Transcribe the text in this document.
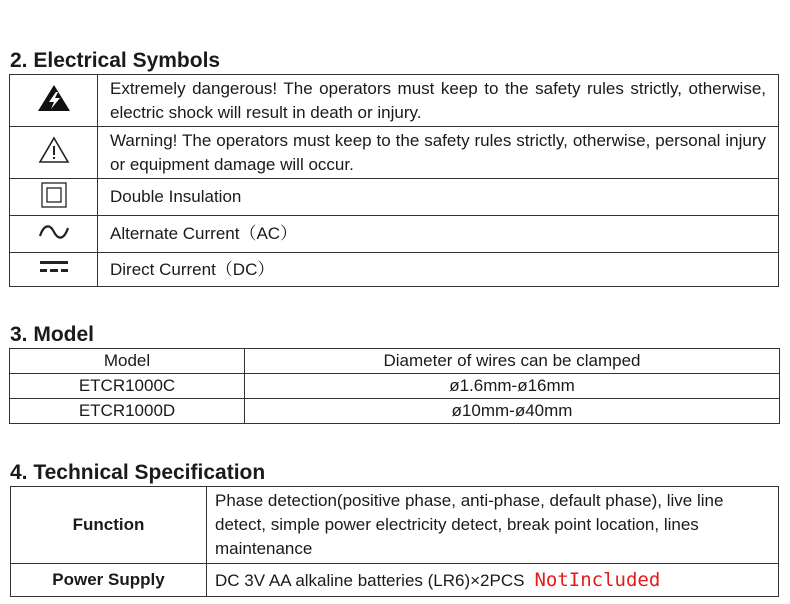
2. Electrical Symbols
	Extremely dangerous! The operators must keep to the safety rules strictly, otherwise, electric shock will result in death or injury.
	Warning! The operators must keep to the safety rules strictly, otherwise, personal injury or equipment damage will occur.
	Double Insulation
	Alternate Current（AC）
	Direct Current（DC）
3. Model
Model	Diameter of wires can be clamped
ETCR1000C	ø1.6mm-ø16mm
ETCR1000D	ø10mm-ø40mm
4. Technical Specification
Function	Phase detection(positive phase, anti-phase, default phase), live line detect, simple power electricity detect, break point location, lines maintenance
Power Supply	DC 3V AA alkaline batteries (LR6)×2PCS NotIncluded
